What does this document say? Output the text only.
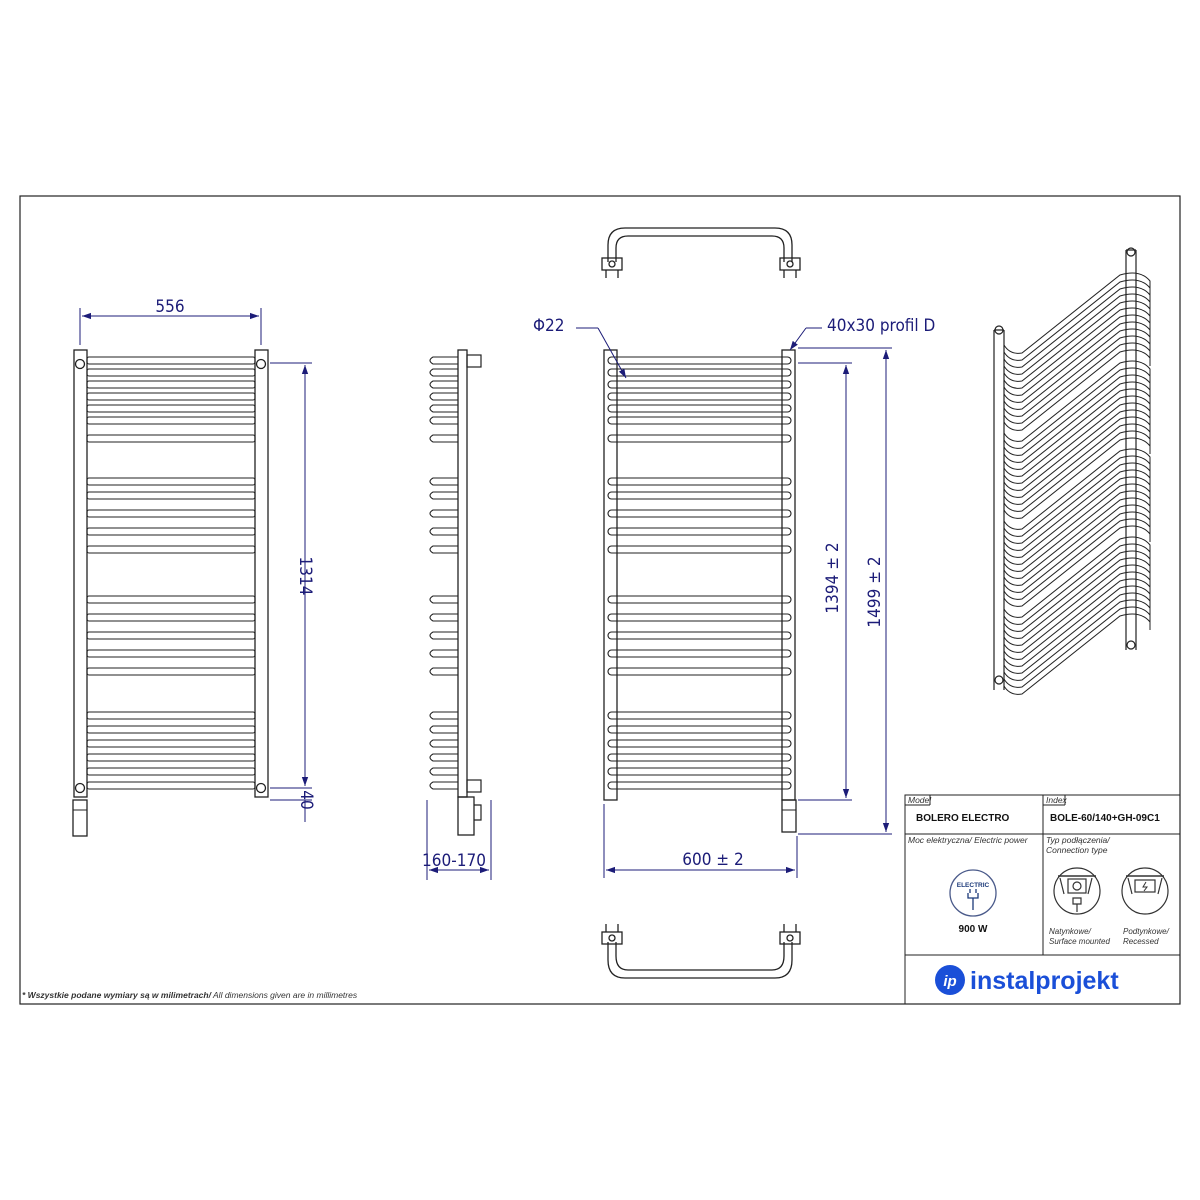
556
1314
40
160-170
Φ22	40x30 profil D
1394 ± 2 1499 ± 2
600 ± 2
* Wszystkie podane wymiary są w milimetrach/ All dimensions given are in millimetres
Model
BOLERO ELECTRO
Index
BOLE-60/140+GH-09C1
Moc elektryczna/ Electric power
ELECTRIC
900 W
Typ podłączenia/ Connection type
Natynkowe/ Surface mounted
Podtynkowe/ Recessed
ip instalprojekt
